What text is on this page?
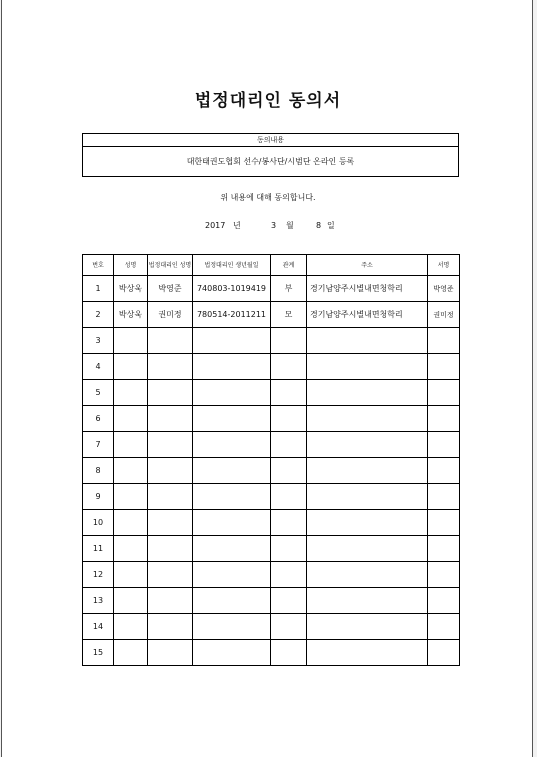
법정대리인 동의서
동의내용
대한태권도협회 선수/봉사단/시범단 온라인 등록
위 내용에 대해 동의합니다.
2017 년	3 월	8 일
번호	성명	법정대리인 성명	법정대리인 생년월일	관계	주소	서명
1	박상욱	박영준	740803-1019419	부	경기남양주시별내면청학리	박영준
2	박상욱	권미정	780514-2011211	모	경기남양주시별내면청학리	권미정
3						
4						
5						
6						
7						
8						
9						
10						
11						
12						
13						
14						
15						
